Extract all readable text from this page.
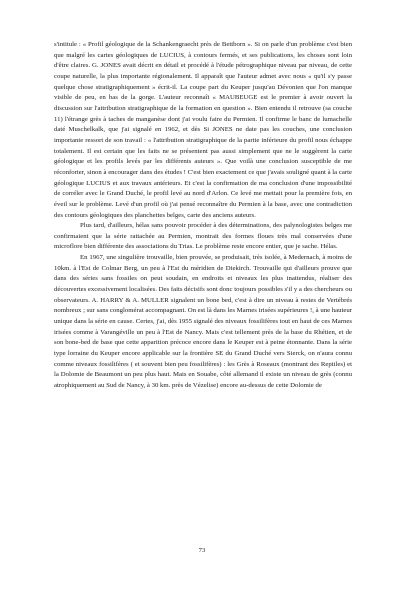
s'intitule : « Profil géologique de la Schankengraecht près de Bettborn ». Si on parle d'un problème c'est bien que malgré les cartes géologiques de LUCIUS, à contours fermés, et ses publications, les choses sont loin d'être claires. G. JONES avait décrit en détail et procédé à l'étude pétrographique niveau par niveau, de cette coupe naturelle, la plus importante régionalement. Il apparaît que l'auteur admet avec nous « qu'il s'y passe quelque chose stratigraphiquement » écrit-il. La coupe part du Keuper jusqu'au Dévonien que l'on manque visible de peu, en bas de la gorge. L'auteur reconnaît « MAUBEUGE est le premier à avoir ouvert la discussion sur l'attribution stratigraphique de la formation en question ». Bien entendu il retrouve (sa couche 11) l'étrange grès à taches de manganèse dont j'ai voulu faire du Permien. Il confirme le banc de lumachelle daté Muschelkalk, que j'ai signalé en 1962, et dès Si JONES ne date pas les couches, une conclusion importante ressort de son travail : « l'attribution stratigraphique de la partie inférieure du profil nous échappe totalement. Il est certain que les faits ne se présentent pas aussi simplement que ne le suggèrent la carte géologique et les profils levés par les différents auteurs ». Que voilà une conclusion susceptible de me réconforter, sinon à encourager dans des études ! C'est bien exactement ce que j'avais souligné quant à la carte géologique LUCIUS et aux travaux antérieurs. Et c'est la confirmation de ma conclusion d'une impossibilité de corréler avec le Grand Duché, le profil levé au nord d'Arlon. Ce levé me mettait pour la première fois, en éveil sur le problème. Levé d'un profil où j'ai pensé reconnaître du Permien à la base, avec une contradiction des contours géologiques des planchettes belges, carte des anciens auteurs.

Plus tard, d'ailleurs, hélas sans pouvoir procéder à des déterminations, des palynologistes belges me confirmaient que la série rattachée au Permien, montrait des formes floues très mal conservées d'une microflore bien différente des associations du Trias. Le problème reste encore entier, que je sache. Hélas.

En 1967, une singulière trouvaille, bien prouvée, se produisait, très isolée, à Medernach, à moins de 10km. à l'Est de Colmar Berg, un peu à l'Est du méridien de Diekirch. Trouvaille qui d'ailleurs prouve que dans des séries sans fossiles on peut soudain, en endroits et niveaux les plus inattendus, réaliser des découvertes excessivement localisées. Des faits décisifs sont donc toujours possibles s'il y a des chercheurs ou observateurs. A. HARRY & A. MULLER signalent un bone bed, c'est à dire un niveau à restes de Vertébrés nombreux ; sur sans conglomérat accompagnant. On est là dans les Marnes irisées supérieures !, à une hauteur unique dans la série en cause. Certes, j'ai, dès 1955 signalé des niveaux fossilifères tout en haut de ces Marnes irisées comme à Varangéville un peu à l'Est de Nancy. Mais c'est tellement près de la base du Rhétien, et de son bone-bed de base que cette apparition précoce encore dans le Keuper est à peine étonnante. Dans la série type lorraine du Keuper encore applicable sur la frontière SE du Grand Duché vers Sierck, on n'aura connu comme niveaux fossilifères ( et souvent bien peu fossilifères) : les Grès à Roseaux (montrant des Reptiles) et la Dolomie de Beaumont un peu plus haut. Mais en Souabe, côté allemand il existe un niveau de grès (connu atrophiquement au Sud de Nancy, à 30 km. près de Vézelise) encore au-dessus de cette Dolomie de

73
